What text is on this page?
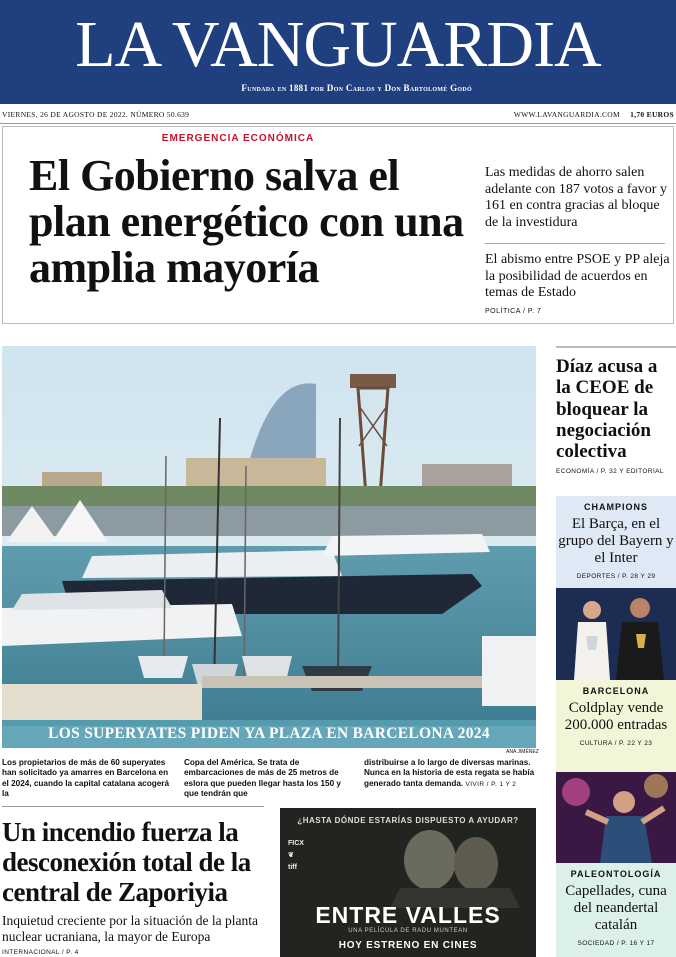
LA VANGUARDIA
Fundada en 1881 por Don Carlos y Don Bartolomé Godó
VIERNES, 26 DE AGOSTO DE 2022. NÚMERO 50.639	WWW.LAVANGUARDIA.COM 1,70 EUROS
EMERGENCIA ECONÓMICA
El Gobierno salva el plan energético con una amplia mayoría

Las medidas de ahorro salen adelante con 187 votos a favor y 161 en contra gracias al bloque de la investidura

El abismo entre PSOE y PP aleja la posibilidad de acuerdos en temas de Estado

POLÍTICA / P. 7
LOS SUPERYATES PIDEN YA PLAZA EN BARCELONA 2024
ANA JIMÉNEZ
Los propietarios de más de 60 superyates han solicitado ya amarres en Barcelona en el 2024, cuando la capital catalana acogerá la
Copa del América. Se trata de embarcaciones de más de 25 metros de eslora que pueden llegar hasta los 150 y que tendrán que
distribuirse a lo largo de diversas marinas. Nunca en la historia de esta regata se había generado tanta demanda. VIVIR / P. 1 Y 2
Díaz acusa a la CEOE de bloquear la negociación colectiva
ECONOMÍA / P. 32 Y EDITORIAL
CHAMPIONS
El Barça, en el grupo del Bayern y el Inter
DEPORTES / P. 28 Y 29
BARCELONA
Coldplay vende 200.000 entradas
CULTURA / P. 22 Y 23
PALEONTOLOGÍA
Capellades, cuna del neandertal catalán
SOCIEDAD / P. 16 Y 17
Un incendio fuerza la desconexión total de la central de Zaporiyia
Inquietud creciente por la situación de la planta nuclear ucraniana, la mayor de Europa
INTERNACIONAL / P. 4
¿HASTA DÓNDE ESTARÍAS DISPUESTO A AYUDAR?
FICX
❦
tiff
ENTRE VALLES
UNA PELÍCULA DE RADU MUNTEAN
HOY ESTRENO EN CINES
